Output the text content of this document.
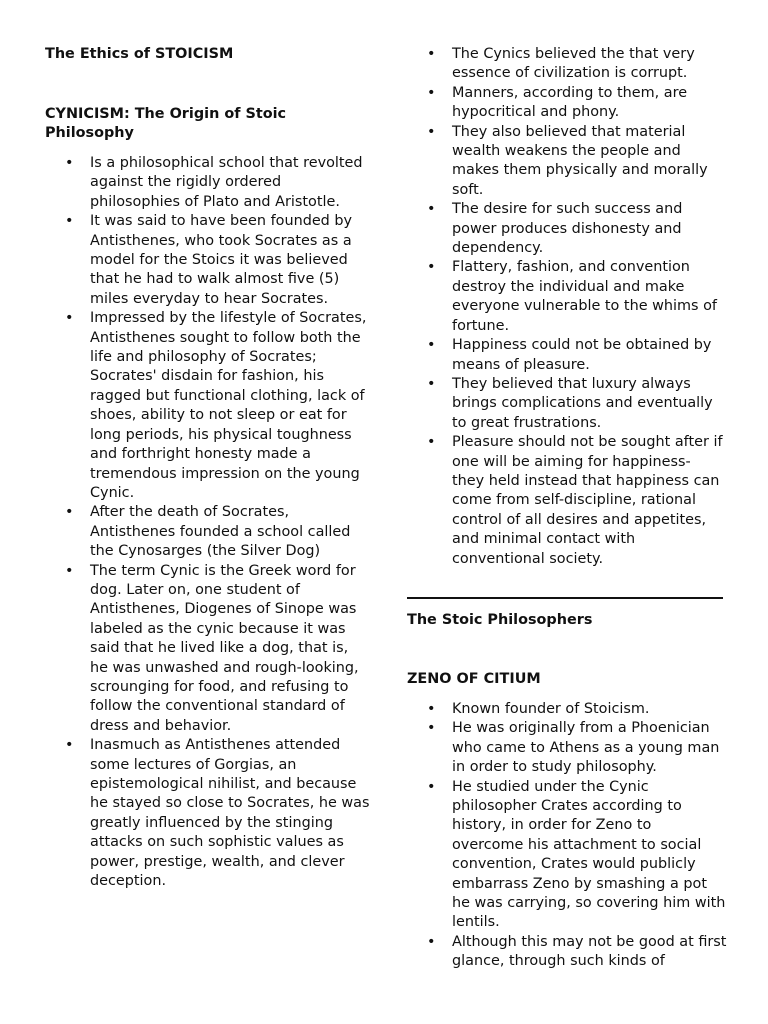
The Ethics of STOICISM
CYNICISM: The Origin of Stoic Philosophy
• Is a philosophical school that revolted against the rigidly ordered philosophies of Plato and Aristotle.
• It was said to have been founded by Antisthenes, who took Socrates as a model for the Stoics it was believed that he had to walk almost five (5) miles everyday to hear Socrates.
• Impressed by the lifestyle of Socrates, Antisthenes sought to follow both the life and philosophy of Socrates; Socrates' disdain for fashion, his ragged but functional clothing, lack of shoes, ability to not sleep or eat for long periods, his physical toughness and forthright honesty made a tremendous impression on the young Cynic.
• After the death of Socrates, Antisthenes founded a school called the Cynosarges (the Silver Dog)
• The term Cynic is the Greek word for dog. Later on, one student of Antisthenes, Diogenes of Sinope was labeled as the cynic because it was said that he lived like a dog, that is, he was unwashed and rough-looking, scrounging for food, and refusing to follow the conventional standard of dress and behavior.
• Inasmuch as Antisthenes attended some lectures of Gorgias, an epistemological nihilist, and because he stayed so close to Socrates, he was greatly influenced by the stinging attacks on such sophistic values as power, prestige, wealth, and clever deception.
• The Cynics believed the that very essence of civilization is corrupt.
• Manners, according to them, are hypocritical and phony.
• They also believed that material wealth weakens the people and makes them physically and morally soft.
• The desire for such success and power produces dishonesty and dependency.
• Flattery, fashion, and convention destroy the individual and make everyone vulnerable to the whims of fortune.
• Happiness could not be obtained by means of pleasure.
• They believed that luxury always brings complications and eventually to great frustrations.
• Pleasure should not be sought after if one will be aiming for happiness- they held instead that happiness can come from self-discipline, rational control of all desires and appetites, and minimal contact with conventional society.
The Stoic Philosophers
ZENO OF CITIUM
• Known founder of Stoicism.
• He was originally from a Phoenician who came to Athens as a young man in order to study philosophy.
• He studied under the Cynic philosopher Crates according to history, in order for Zeno to overcome his attachment to social convention, Crates would publicly embarrass Zeno by smashing a pot he was carrying, so covering him with lentils.
• Although this may not be good at first glance, through such kinds of
